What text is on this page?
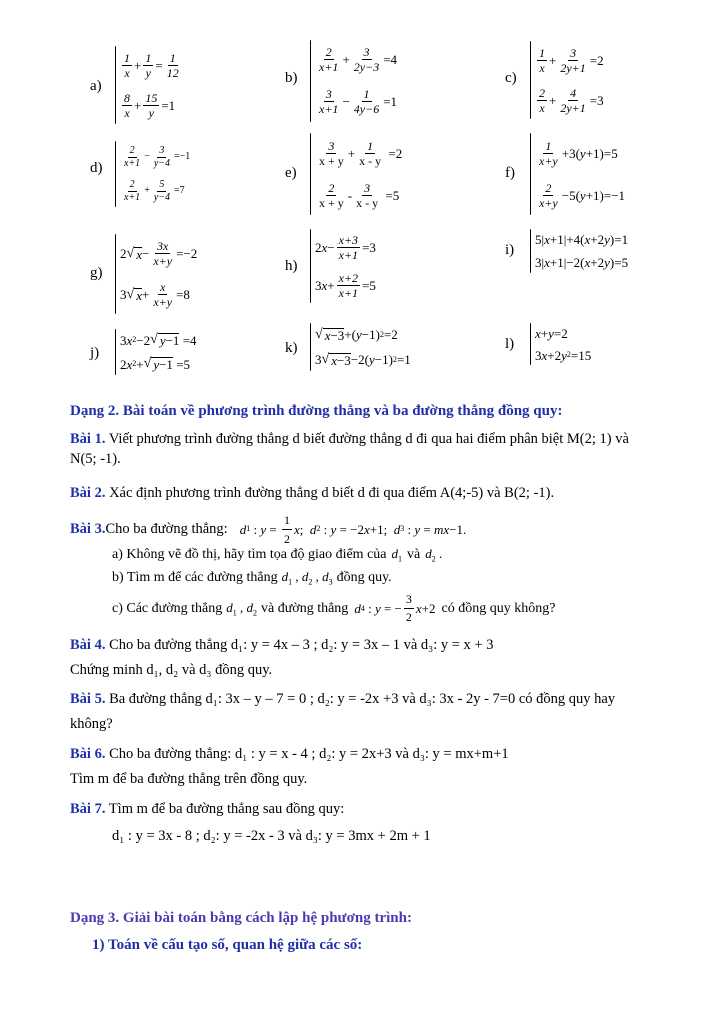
a)
$\frac{1}{x} + \frac{1}{y} = \frac{1}{12}$
$\frac{8}{x} + \frac{15}{y} =1$
b)
$\frac{2}{x+1} + \frac{3}{2y-3} =4$
$\frac{3}{x+1} - \frac{1}{4y-6} =1$
c)
$\frac{1}{x} + \frac{3}{2y+1} =2$
$\frac{2}{x} + \frac{4}{2y+1} =3$
$d) \frac{2}{x+1} - \frac{3}{y-4} =-1$
$\frac{2}{x+1} + \frac{5}{y-4} =7$
e)
$\frac{3}{x + y} + \frac{1}{x - y} =2$
$\frac{2}{x + y} - \frac{3}{x - y} =5$
f)
$\frac{1}{x+y} +3$( y +1)=5
$\frac{2}{x+y} -5$( y +1)=−1
g)
2 √ $x - \frac{3x}{x+y} =-2$
3 √ $x + \frac{x}{x+y} =8$
h)
2 $x - \frac{x+3}{x+1} =3$
3 $x + \frac{x+2}{x+1} =5$
i)
5| x +1|+4( x +2 y )=1
3| x +1|−2( x +2 y )=5
j)
3 x 2 −2 √ y−1 =4
2 x 2 + √ y−1 =5
k)
√ x−3 +( y −1) 2 =2
3 √ x−3 −2( y −1) 2 =1
l)
x + y =2
3 x +2 y 2 =15
Dạng 2. Bài toán về phương trình đường thẳng và ba đường thẳng đồng quy:
Bài 1. Viết phương trình đường thẳng d biết đường thẳng d đi qua hai điểm phân biệt M(2; 1) và
N(5; -1).
Bài 2. Xác định phương trình đường thẳng d biết d đi qua điểm A(4;-5) và B(2; -1).
Bài 3. Cho ba đường thẳng: d 1 : $y = \frac{1}{2}$ x ; d 2 : y = −2 x +1; d 3 : y = mx −1.
a) Không vẽ đồ thị, hãy tìm tọa độ giao điểm của $d_1$ và $d_2$ .
b) Tìm m để các đường thẳng $d_1$ , $d_2$ , $d_3$ đồng quy.
c) Các đường thẳng $d_1$ , $d_2$ và đường thẳng d 4 : y = − $\frac{3}{2}$ x +2 có đồng quy không?
Bài 4. Cho ba đường thẳng d₁: y = 4x – 3 ; d₂: y = 3x – 1 và d₃: y = x + 3
Chứng minh d₁, d₂ và d₃ đồng quy.
Bài 5. Ba đường thẳng d₁: 3x – y – 7 = 0 ; d₂: y = -2x +3 và d₃: 3x - 2y - 7=0 có đồng quy hay
không?
Bài 6. Cho ba đường thẳng: d₁ : y = x - 4 ; d₂: y = 2x+3 và d₃: y = mx+m+1
Tìm m để ba đường thẳng trên đồng quy.
Bài 7. Tìm m để ba đường thẳng sau đồng quy:
d₁ : y = 3x - 8 ; d₂: y = -2x - 3 và d₃: y = 3mx + 2m + 1
Dạng 3. Giải bài toán bằng cách lập hệ phương trình:
1) Toán về cấu tạo số, quan hệ giữa các số:
